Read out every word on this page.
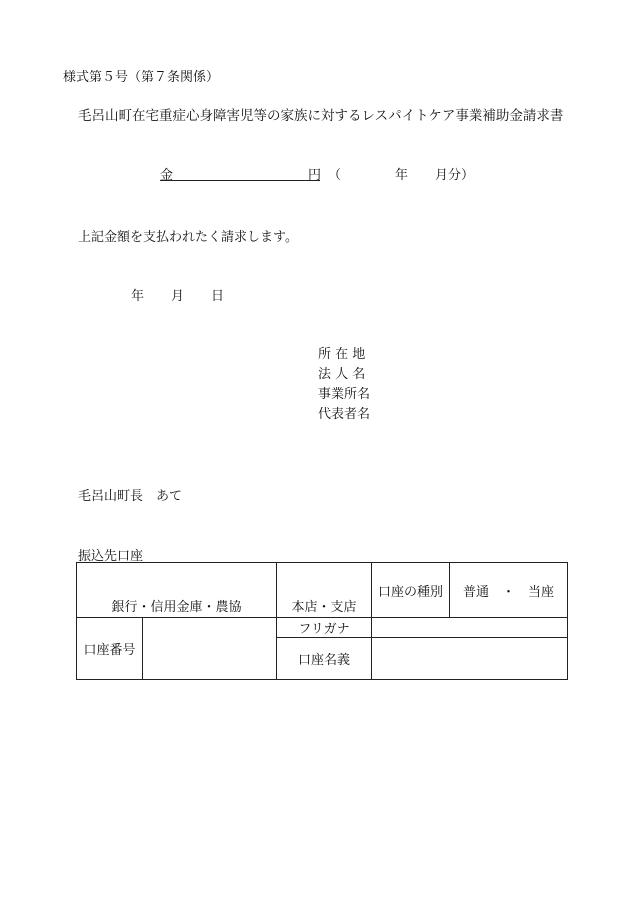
様式第５号（第７条関係）
毛呂山町在宅重症心身障害児等の家族に対するレスパイトケア事業補助金請求書
金	円 （	年 月分）
上記金額を支払われたく請求します。
年 月 日
所 在 地
法 人 名
事業所名
代表者名
毛呂山町長　あて
振込先口座
銀行・信用金庫・農協		本店・支店	口座の種別	普通　・　当座
口座番号		フリガナ		
		口座名義		
